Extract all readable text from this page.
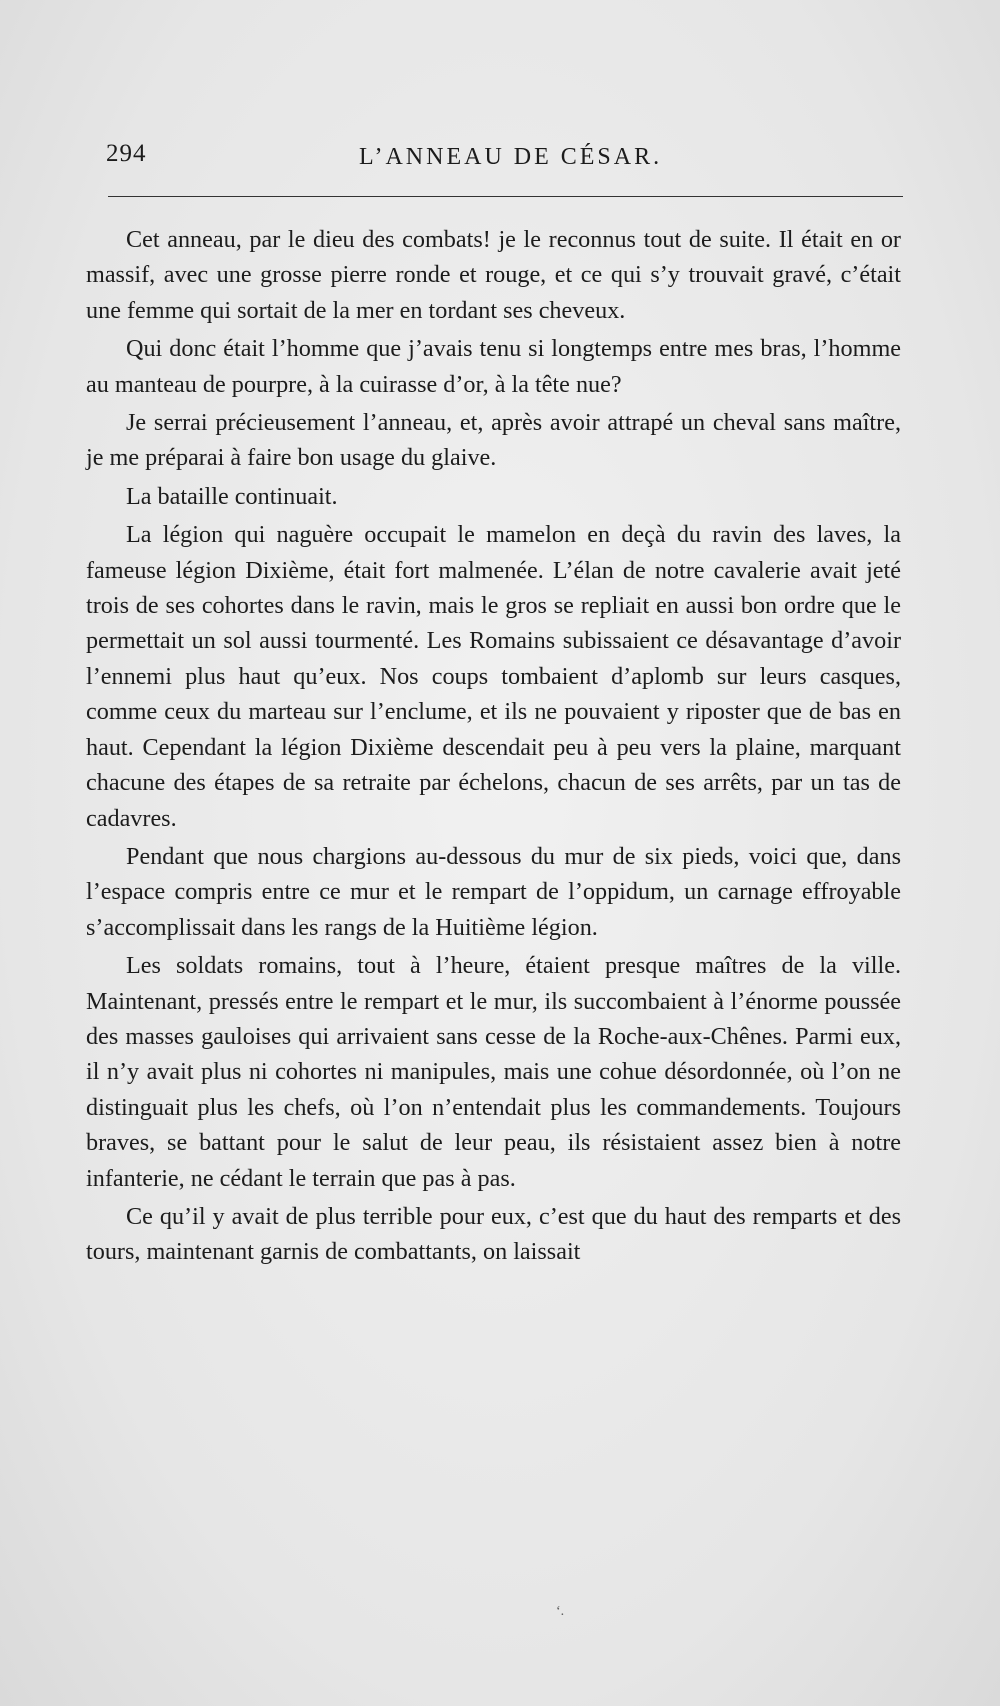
294	L’ANNEAU DE CÉSAR.

Cet anneau, par le dieu des combats! je le reconnus tout de suite. Il était en or massif, avec une grosse pierre ronde et rouge, et ce qui s’y trouvait gravé, c’était une femme qui sortait de la mer en tordant ses cheveux.

Qui donc était l’homme que j’avais tenu si longtemps entre mes bras, l’homme au manteau de pourpre, à la cuirasse d’or, à la tête nue?

Je serrai précieusement l’anneau, et, après avoir attrapé un cheval sans maître, je me préparai à faire bon usage du glaive.

La bataille continuait.

La légion qui naguère occupait le mamelon en deçà du ravin des laves, la fameuse légion Dixième, était fort malmenée. L’élan de notre cavalerie avait jeté trois de ses cohortes dans le ravin, mais le gros se repliait en aussi bon ordre que le permettait un sol aussi tourmenté. Les Romains subissaient ce désavantage d’avoir l’ennemi plus haut qu’eux. Nos coups tombaient d’aplomb sur leurs casques, comme ceux du marteau sur l’enclume, et ils ne pouvaient y riposter que de bas en haut. Cependant la légion Dixième descendait peu à peu vers la plaine, marquant chacune des étapes de sa retraite par échelons, chacun de ses arrêts, par un tas de cadavres.

Pendant que nous chargions au-dessous du mur de six pieds, voici que, dans l’espace compris entre ce mur et le rempart de l’oppidum, un carnage effroyable s’accomplissait dans les rangs de la Huitième légion.

Les soldats romains, tout à l’heure, étaient presque maîtres de la ville. Maintenant, pressés entre le rempart et le mur, ils succombaient à l’énorme poussée des masses gauloises qui arrivaient sans cesse de la Roche-aux-Chênes. Parmi eux, il n’y avait plus ni cohortes ni manipules, mais une cohue désordonnée, où l’on ne distinguait plus les chefs, où l’on n’entendait plus les commandements. Toujours braves, se battant pour le salut de leur peau, ils résistaient assez bien à notre infanterie, ne cédant le terrain que pas à pas.

Ce qu’il y avait de plus terrible pour eux, c’est que du haut des remparts et des tours, maintenant garnis de combattants, on laissait

‘.
